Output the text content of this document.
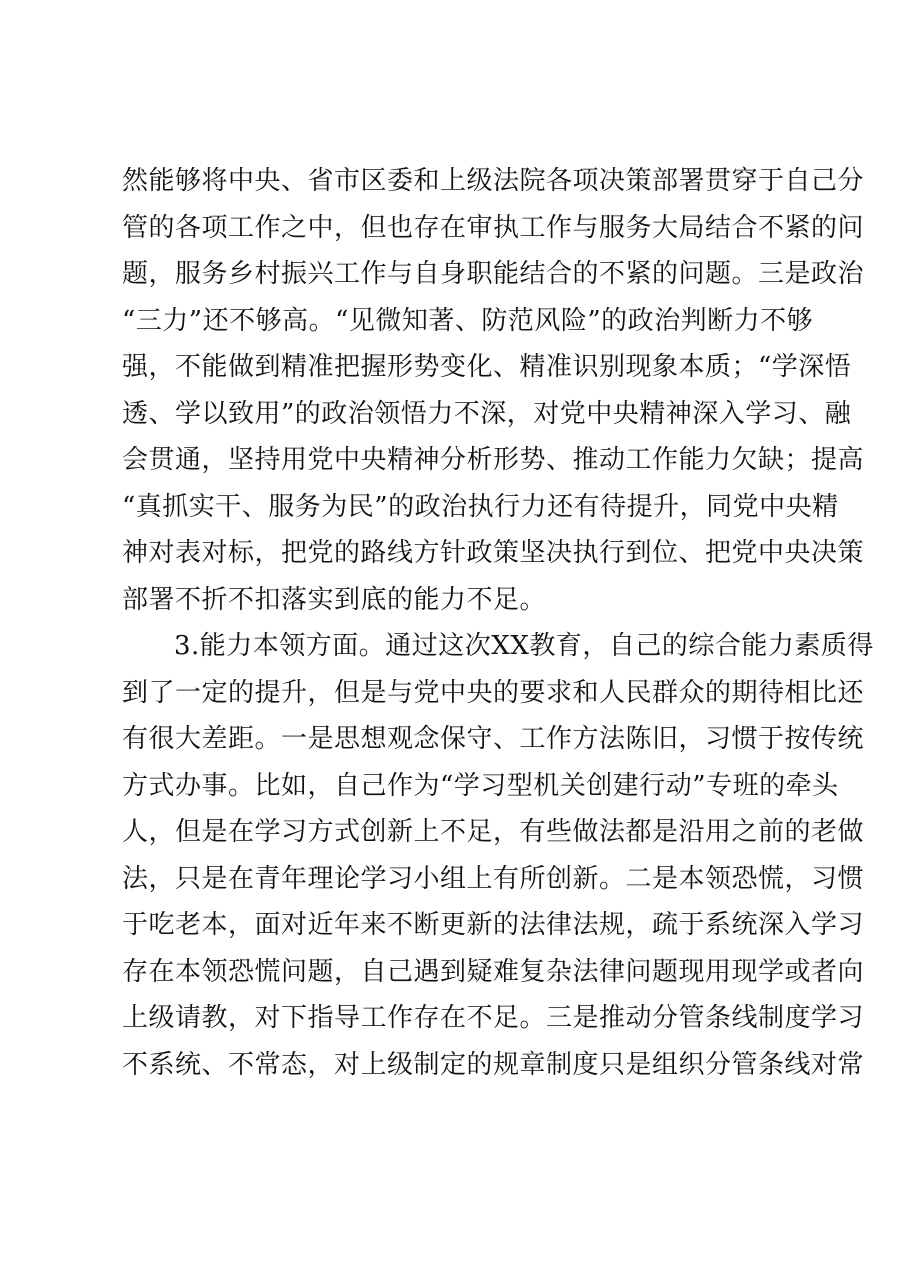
然能够将中央、省市区委和上级法院各项决策部署贯穿于自己分
管的各项工作之中，但也存在审执工作与服务大局结合不紧的问
题，服务乡村振兴工作与自身职能结合的不紧的问题。三是政治
“三力”还不够高。“见微知著、防范风险”的政治判断力不够
强，不能做到精准把握形势变化、精准识别现象本质；“学深悟
透、学以致用”的政治领悟力不深，对党中央精神深入学习、融
会贯通，坚持用党中央精神分析形势、推动工作能力欠缺；提高
“真抓实干、服务为民”的政治执行力还有待提升，同党中央精
神对表对标，把党的路线方针政策坚决执行到位、把党中央决策
部署不折不扣落实到底的能力不足。
3.能力本领方面。通过这次XX教育，自己的综合能力素质得
到了一定的提升，但是与党中央的要求和人民群众的期待相比还
有很大差距。一是思想观念保守、工作方法陈旧，习惯于按传统
方式办事。比如，自己作为“学习型机关创建行动”专班的牵头
人，但是在学习方式创新上不足，有些做法都是沿用之前的老做
法，只是在青年理论学习小组上有所创新。二是本领恐慌，习惯
于吃老本，面对近年来不断更新的法律法规，疏于系统深入学习
存在本领恐慌问题，自己遇到疑难复杂法律问题现用现学或者向
上级请教，对下指导工作存在不足。三是推动分管条线制度学习
不系统、不常态，对上级制定的规章制度只是组织分管条线对常
